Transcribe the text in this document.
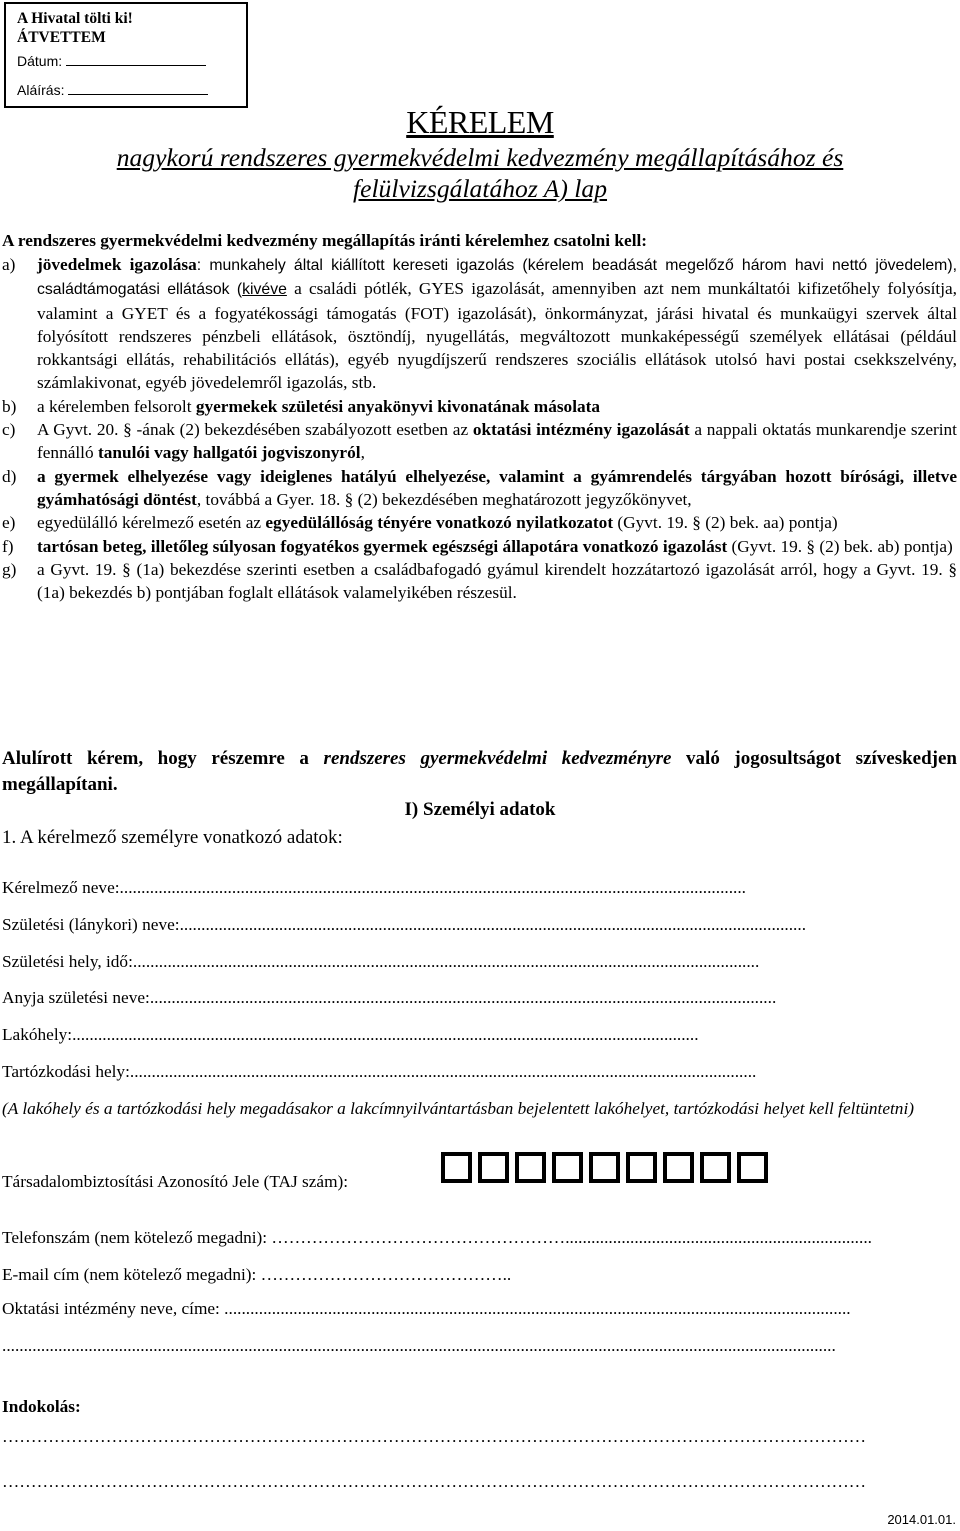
A Hivatal tölti ki!
ÁTVETTEM
Dátum:
Aláírás:
KÉRELEM
nagykorú rendszeres gyermekvédelmi kedvezmény megállapításához és
felülvizsgálatához A) lap
A rendszeres gyermekvédelmi kedvezmény megállapítás iránti kérelemhez csatolni kell:
a)	jövedelmek igazolása: munkahely által kiállított kereseti igazolás (kérelem beadását megelőző három havi nettó jövedelem), családtámogatási ellátások (kivéve a családi pótlék, GYES igazolását, amennyiben azt nem munkáltatói kifizetőhely folyósítja, valamint a GYET és a fogyatékossági támogatás (FOT) igazolását), önkormányzat, járási hivatal és munkaügyi szervek által folyósított rendszeres pénzbeli ellátások, ösztöndíj, nyugellátás, megváltozott munkaképességű személyek ellátásai (például rokkantsági ellátás, rehabilitációs ellátás), egyéb nyugdíjszerű rendszeres szociális ellátások utolsó havi postai csekkszelvény, számlakivonat, egyéb jövedelemről igazolás, stb.
b)	a kérelemben felsorolt gyermekek születési anyakönyvi kivonatának másolata
c)	A Gyvt. 20. § -ának (2) bekezdésében szabályozott esetben az oktatási intézmény igazolását a nappali oktatás munkarendje szerint fennálló tanulói vagy hallgatói jogviszonyról,
d)	a gyermek elhelyezése vagy ideiglenes hatályú elhelyezése, valamint a gyámrendelés tárgyában hozott bírósági, illetve gyámhatósági döntést, továbbá a Gyer. 18. § (2) bekezdésében meghatározott jegyzőkönyvet,
e)	egyedülálló kérelmező esetén az egyedülállóság tényére vonatkozó nyilatkozatot (Gyvt. 19. § (2) bek. aa) pontja)
f)	tartósan beteg, illetőleg súlyosan fogyatékos gyermek egészségi állapotára vonatkozó igazolást (Gyvt. 19. § (2) bek. ab) pontja)
g)	a Gyvt. 19. § (1a) bekezdése szerinti esetben a családbafogadó gyámul kirendelt hozzátartozó igazolását arról, hogy a Gyvt. 19. § (1a) bekezdés b) pontjában foglalt ellátások valamelyikében részesül.
Alulírott kérem, hogy részemre a rendszeres gyermekvédelmi kedvezményre való jogosultságot szíveskedjen megállapítani.
I) Személyi adatok
1. A kérelmező személyre vonatkozó adatok:
Kérelmező neve:.................................................................................................................................................
Születési (lánykori) neve:.................................................................................................................................................
Születési hely, idő:.................................................................................................................................................
Anyja születési neve:.................................................................................................................................................
Lakóhely:.................................................................................................................................................
Tartózkodási hely:.................................................................................................................................................
(A lakóhely és a tartózkodási hely megadásakor a lakcímnyilvántartásban bejelentett lakóhelyet, tartózkodási helyet kell feltüntetni)
Társadalombiztosítási Azonosító Jele (TAJ szám):
Telefonszám (nem kötelező megadni): …………………………………………….......................................................................
E-mail cím (nem kötelező megadni): ……………………………………..
Oktatási intézmény neve, címe: .................................................................................................................................................
.................................................................................................................................................................................................
Indokolás:
……………………………………………………………………………………………………………………………………
……………………………………………………………………………………………………………………………………
2014.01.01.
